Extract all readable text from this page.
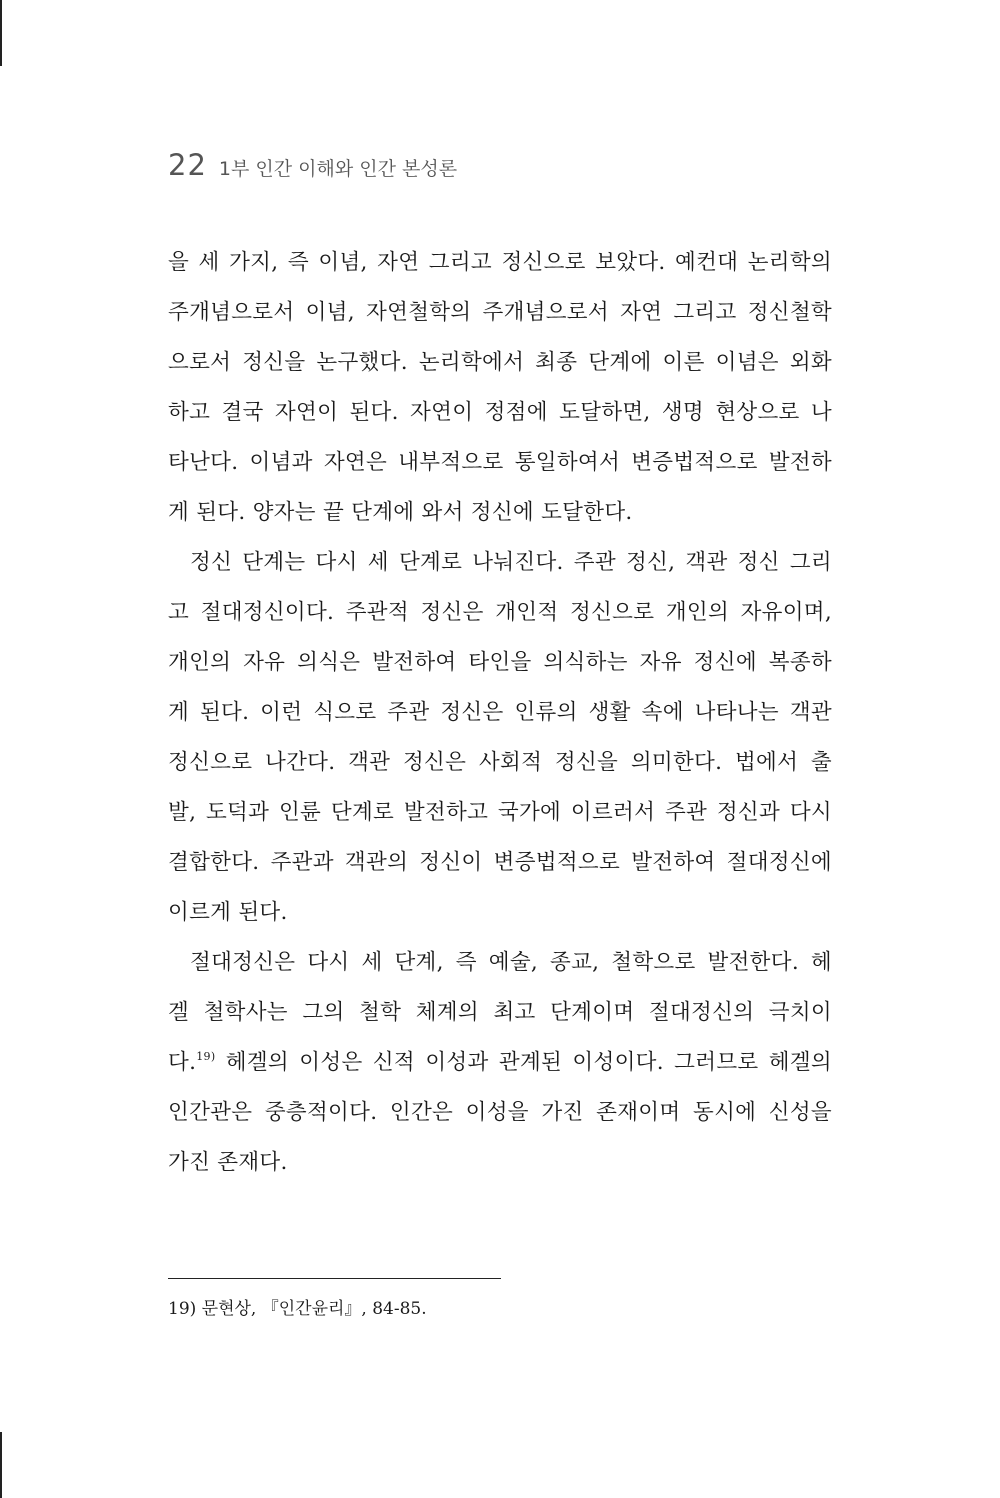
22 1부 인간 이해와 인간 본성론

을 세 가지, 즉 이념, 자연 그리고 정신으로 보았다. 예컨대 논리학의
주개념으로서 이념, 자연철학의 주개념으로서 자연 그리고 정신철학
으로서 정신을 논구했다. 논리학에서 최종 단계에 이른 이념은 외화
하고 결국 자연이 된다. 자연이 정점에 도달하면, 생명 현상으로 나
타난다. 이념과 자연은 내부적으로 통일하여서 변증법적으로 발전하
게 된다. 양자는 끝 단계에 와서 정신에 도달한다.

정신 단계는 다시 세 단계로 나눠진다. 주관 정신, 객관 정신 그리
고 절대정신이다. 주관적 정신은 개인적 정신으로 개인의 자유이며,
개인의 자유 의식은 발전하여 타인을 의식하는 자유 정신에 복종하
게 된다. 이런 식으로 주관 정신은 인류의 생활 속에 나타나는 객관
정신으로 나간다. 객관 정신은 사회적 정신을 의미한다. 법에서 출
발, 도덕과 인륜 단계로 발전하고 국가에 이르러서 주관 정신과 다시
결합한다. 주관과 객관의 정신이 변증법적으로 발전하여 절대정신에
이르게 된다.

절대정신은 다시 세 단계, 즉 예술, 종교, 철학으로 발전한다. 헤
겔 철학사는 그의 철학 체계의 최고 단계이며 절대정신의 극치이
다.$^{19)}$ 헤겔의 이성은 신적 이성과 관계된 이성이다. 그러므로 헤겔의
인간관은 중층적이다. 인간은 이성을 가진 존재이며 동시에 신성을
가진 존재다.

19) 문현상, 『인간윤리』, 84-85.
